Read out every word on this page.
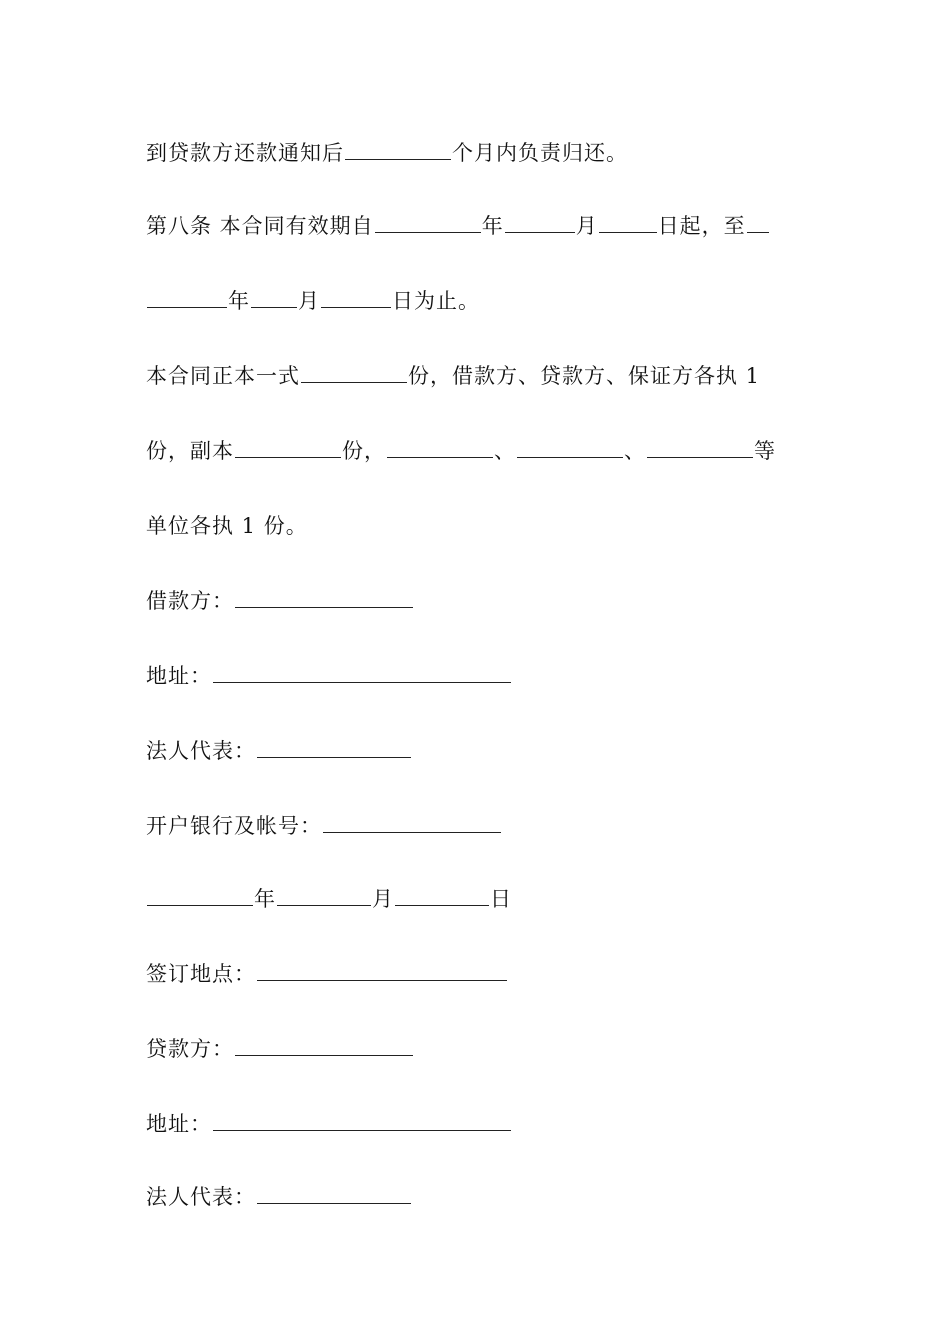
到贷款方还款通知后	个月内负责归还。
第八条 本合同有效期自	年	月	日起，至
年 月	日为止。
本合同正本一式	份，借款方、贷款方、保证方各执 1
份，副本	份，	、	、	等
单位各执 1 份。
借款方：
地址：
法人代表：
开户银行及帐号：
年	月	日
签订地点：
贷款方：
地址：
法人代表：
